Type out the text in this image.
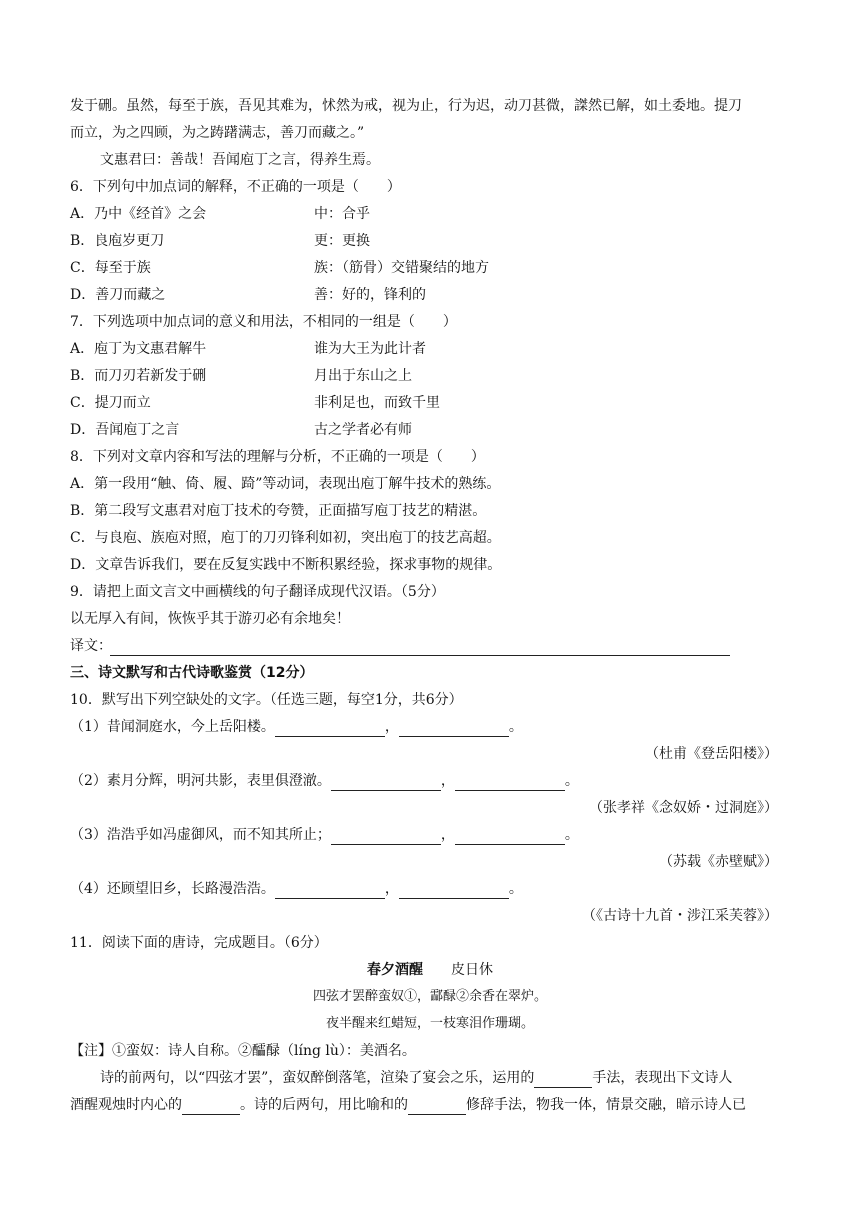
发于硎。虽然，每至于族，吾见其难为，怵然为戒，视为止，行为迟，动刀甚微，謋然已解，如土委地。提刀
而立，为之四顾，为之踌躇满志，善刀而藏之。”
文惠君曰：善哉！吾闻庖丁之言，得养生焉。
6．下列句中加点词的解释，不正确的一项是（　　）
A．乃中《经首》之会	中：合乎
B．良庖岁更刀	更：更换
C．每至于族	族：（筋骨）交错聚结的地方
D．善刀而藏之	善：好的，锋利的
7．下列选项中加点词的意义和用法，不相同的一组是（　　）
A．庖丁为文惠君解牛	谁为大王为此计者
B．而刀刃若新发于硎	月出于东山之上
C．提刀而立	非利足也，而致千里
D．吾闻庖丁之言	古之学者必有师
8．下列对文章内容和写法的理解与分析，不正确的一项是（　　）
A．第一段用“触、倚、履、踦”等动词，表现出庖丁解牛技术的熟练。
B．第二段写文惠君对庖丁技术的夸赞，正面描写庖丁技艺的精湛。
C．与良庖、族庖对照，庖丁的刀刃锋利如初，突出庖丁的技艺高超。
D．文章告诉我们，要在反复实践中不断积累经验，探求事物的规律。
9．请把上面文言文中画横线的句子翻译成现代汉语。（5分）
以无厚入有间，恢恢乎其于游刃必有余地矣！
译文：
三、诗文默写和古代诗歌鉴赏（12分）
10．默写出下列空缺处的文字。（任选三题，每空1分，共6分）
（1）昔闻洞庭水，今上岳阳楼。	，	。
（杜甫《登岳阳楼》）
（2）素月分辉，明河共影，表里俱澄澈。	，	。
（张孝祥《念奴娇・过洞庭》）
（3）浩浩乎如冯虚御风，而不知其所止；	，	。
（苏载《赤壁赋》）
（4）还顾望旧乡，长路漫浩浩。	，	。
（《古诗十九首・涉江采芙蓉》）
11．阅读下面的唐诗，完成题目。（6分）
春夕酒醒 皮日休
四弦才罢醉蛮奴①，酃醁②余香在翠炉。
夜半醒来红蜡短，一枝寒泪作珊瑚。
【注】①蛮奴：诗人自称。②醽醁（líng lù）：美酒名。
诗的前两句，以“四弦才罢”，蛮奴醉倒落笔，渲染了宴会之乐，运用的	手法，表现出下文诗人
酒醒观烛时内心的	。诗的后两句，用比喻和的	修辞手法，物我一体，情景交融，暗示诗人已
